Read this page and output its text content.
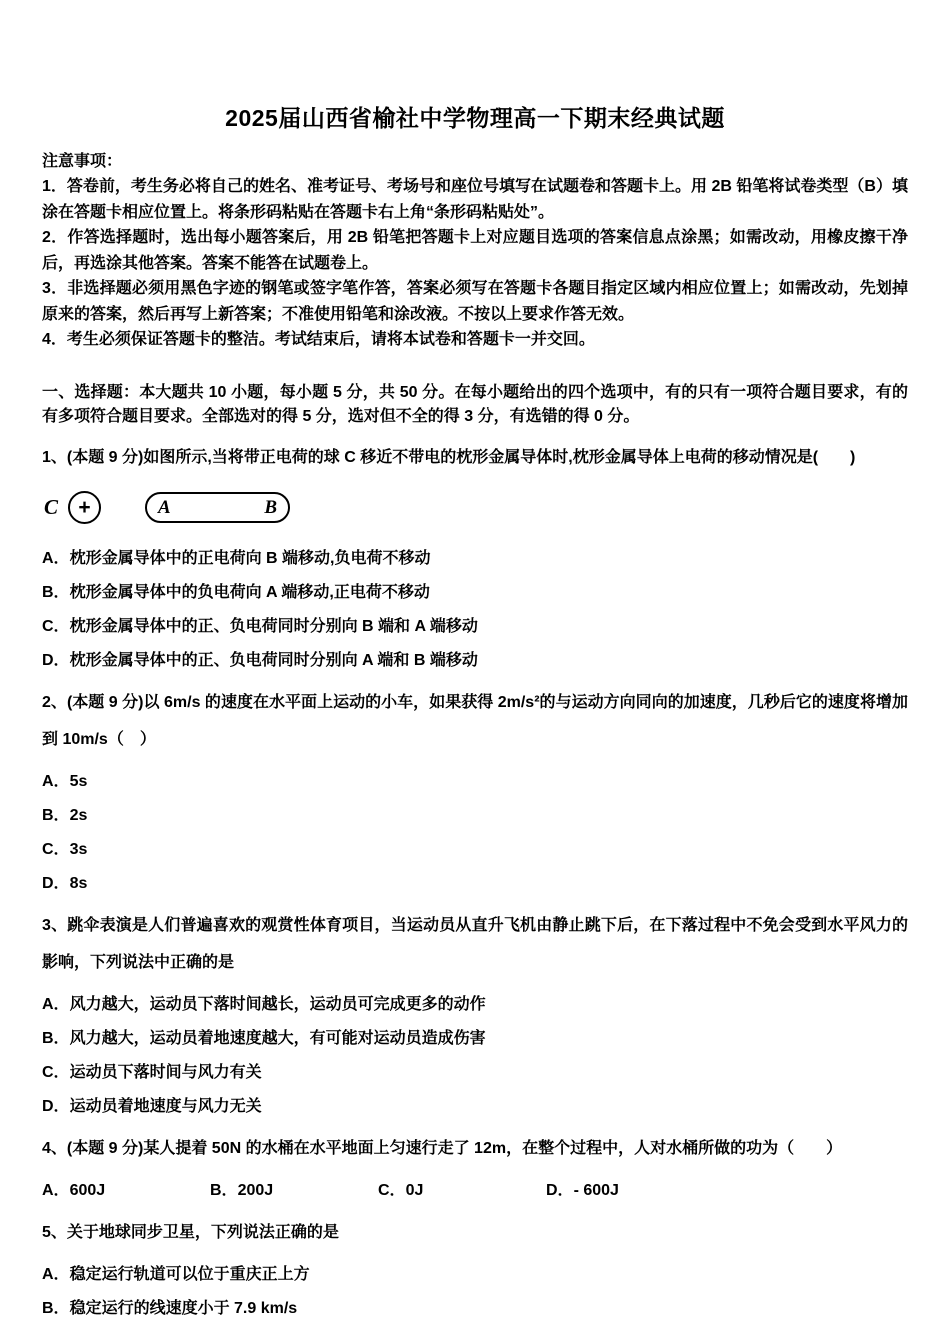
2025届山西省榆社中学物理高一下期末经典试题

注意事项：

1．答卷前，考生务必将自己的姓名、准考证号、考场号和座位号填写在试题卷和答题卡上。用 2B 铅笔将试卷类型（B）填涂在答题卡相应位置上。将条形码粘贴在答题卡右上角“条形码粘贴处”。

2．作答选择题时，选出每小题答案后，用 2B 铅笔把答题卡上对应题目选项的答案信息点涂黑；如需改动，用橡皮擦干净后，再选涂其他答案。答案不能答在试题卷上。

3．非选择题必须用黑色字迹的钢笔或签字笔作答，答案必须写在答题卡各题目指定区域内相应位置上；如需改动，先划掉原来的答案，然后再写上新答案；不准使用铅笔和涂改液。不按以上要求作答无效。

4．考生必须保证答题卡的整洁。考试结束后，请将本试卷和答题卡一并交回。

一、选择题：本大题共 10 小题，每小题 5 分，共 50 分。在每小题给出的四个选项中，有的只有一项符合题目要求，有的有多项符合题目要求。全部选对的得 5 分，选对但不全的得 3 分，有选错的得 0 分。

1、(本题 9 分)如图所示,当将带正电荷的球 C 移近不带电的枕形金属导体时,枕形金属导体上电荷的移动情况是(　　)

C +	A	B

A．枕形金属导体中的正电荷向 B 端移动,负电荷不移动

B．枕形金属导体中的负电荷向 A 端移动,正电荷不移动

C．枕形金属导体中的正、负电荷同时分别向 B 端和 A 端移动

D．枕形金属导体中的正、负电荷同时分别向 A 端和 B 端移动

2、(本题 9 分)以 6m/s 的速度在水平面上运动的小车，如果获得 2m/s²的与运动方向同向的加速度，几秒后它的速度将增加到 10m/s（　）

A．5s

B．2s

C．3s

D．8s

3、跳伞表演是人们普遍喜欢的观赏性体育项目，当运动员从直升飞机由静止跳下后，在下落过程中不免会受到水平风力的影响，下列说法中正确的是

A．风力越大，运动员下落时间越长，运动员可完成更多的动作

B．风力越大，运动员着地速度越大，有可能对运动员造成伤害

C．运动员下落时间与风力有关

D．运动员着地速度与风力无关

4、(本题 9 分)某人提着 50N 的水桶在水平地面上匀速行走了 12m，在整个过程中，人对水桶所做的功为（　　）

A．600J	B．200J	C．0J	D．- 600J

5、关于地球同步卫星，下列说法正确的是

A．稳定运行轨道可以位于重庆正上方

B．稳定运行的线速度小于 7.9 km/s
